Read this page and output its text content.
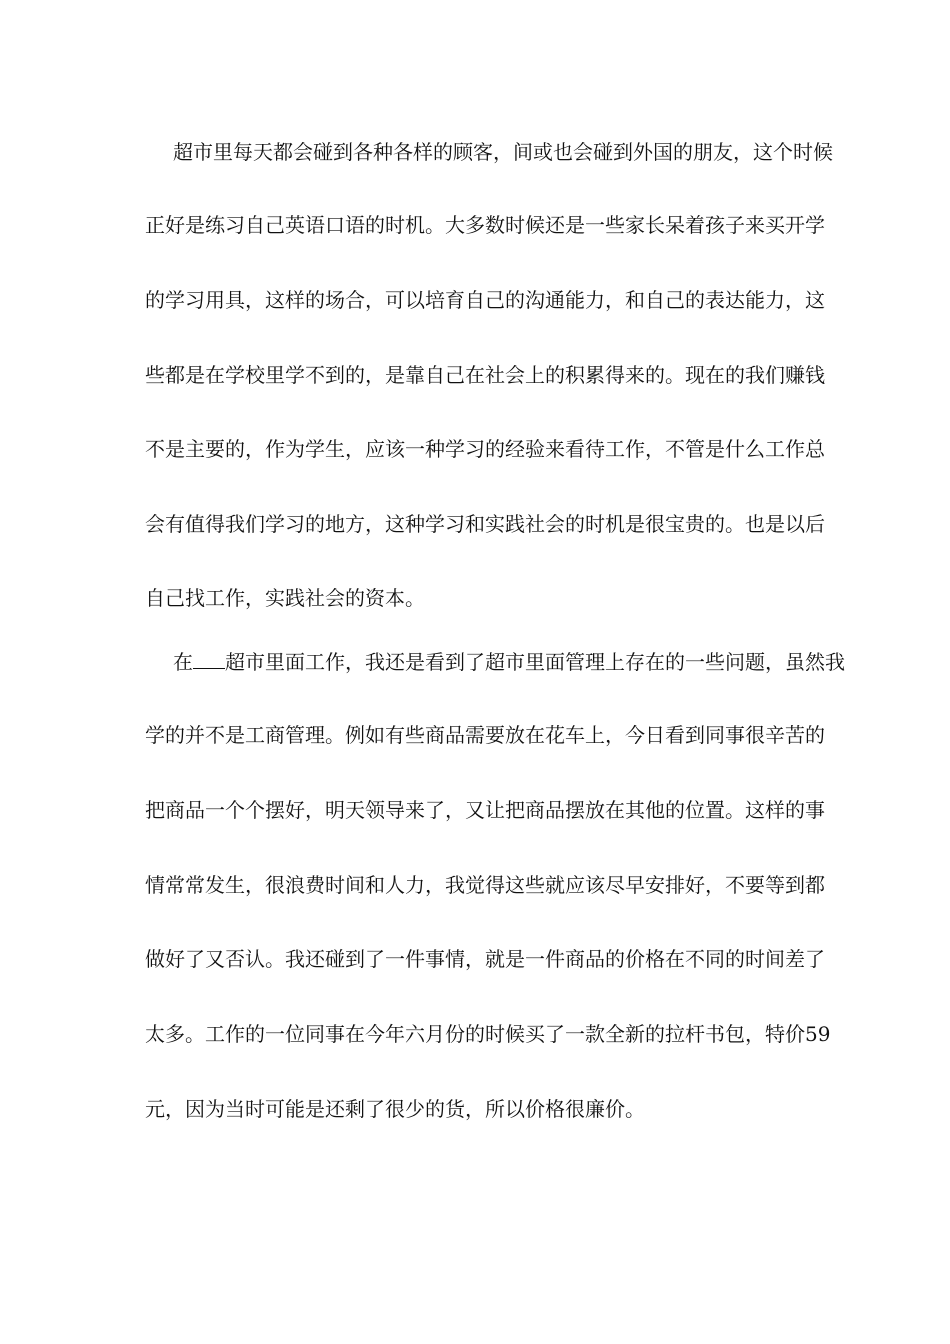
超市里每天都会碰到各种各样的顾客，间或也会碰到外国的朋友，这个时候
正好是练习自己英语口语的时机。大多数时候还是一些家长呆着孩子来买开学
的学习用具，这样的场合，可以培育自己的沟通能力，和自己的表达能力，这
些都是在学校里学不到的，是靠自己在社会上的积累得来的。现在的我们赚钱
不是主要的，作为学生，应该一种学习的经验来看待工作，不管是什么工作总
会有值得我们学习的地方，这种学习和实践社会的时机是很宝贵的。也是以后
自己找工作，实践社会的资本。
在 超市里面工作，我还是看到了超市里面管理上存在的一些问题，虽然我
学的并不是工商管理。例如有些商品需要放在花车上，今日看到同事很辛苦的
把商品一个个摆好，明天领导来了，又让把商品摆放在其他的位置。这样的事
情常常发生，很浪费时间和人力，我觉得这些就应该尽早安排好，不要等到都
做好了又否认。我还碰到了一件事情，就是一件商品的价格在不同的时间差了
太多。工作的一位同事在今年六月份的时候买了一款全新的拉杆书包，特价59
元，因为当时可能是还剩了很少的货，所以价格很廉价。
